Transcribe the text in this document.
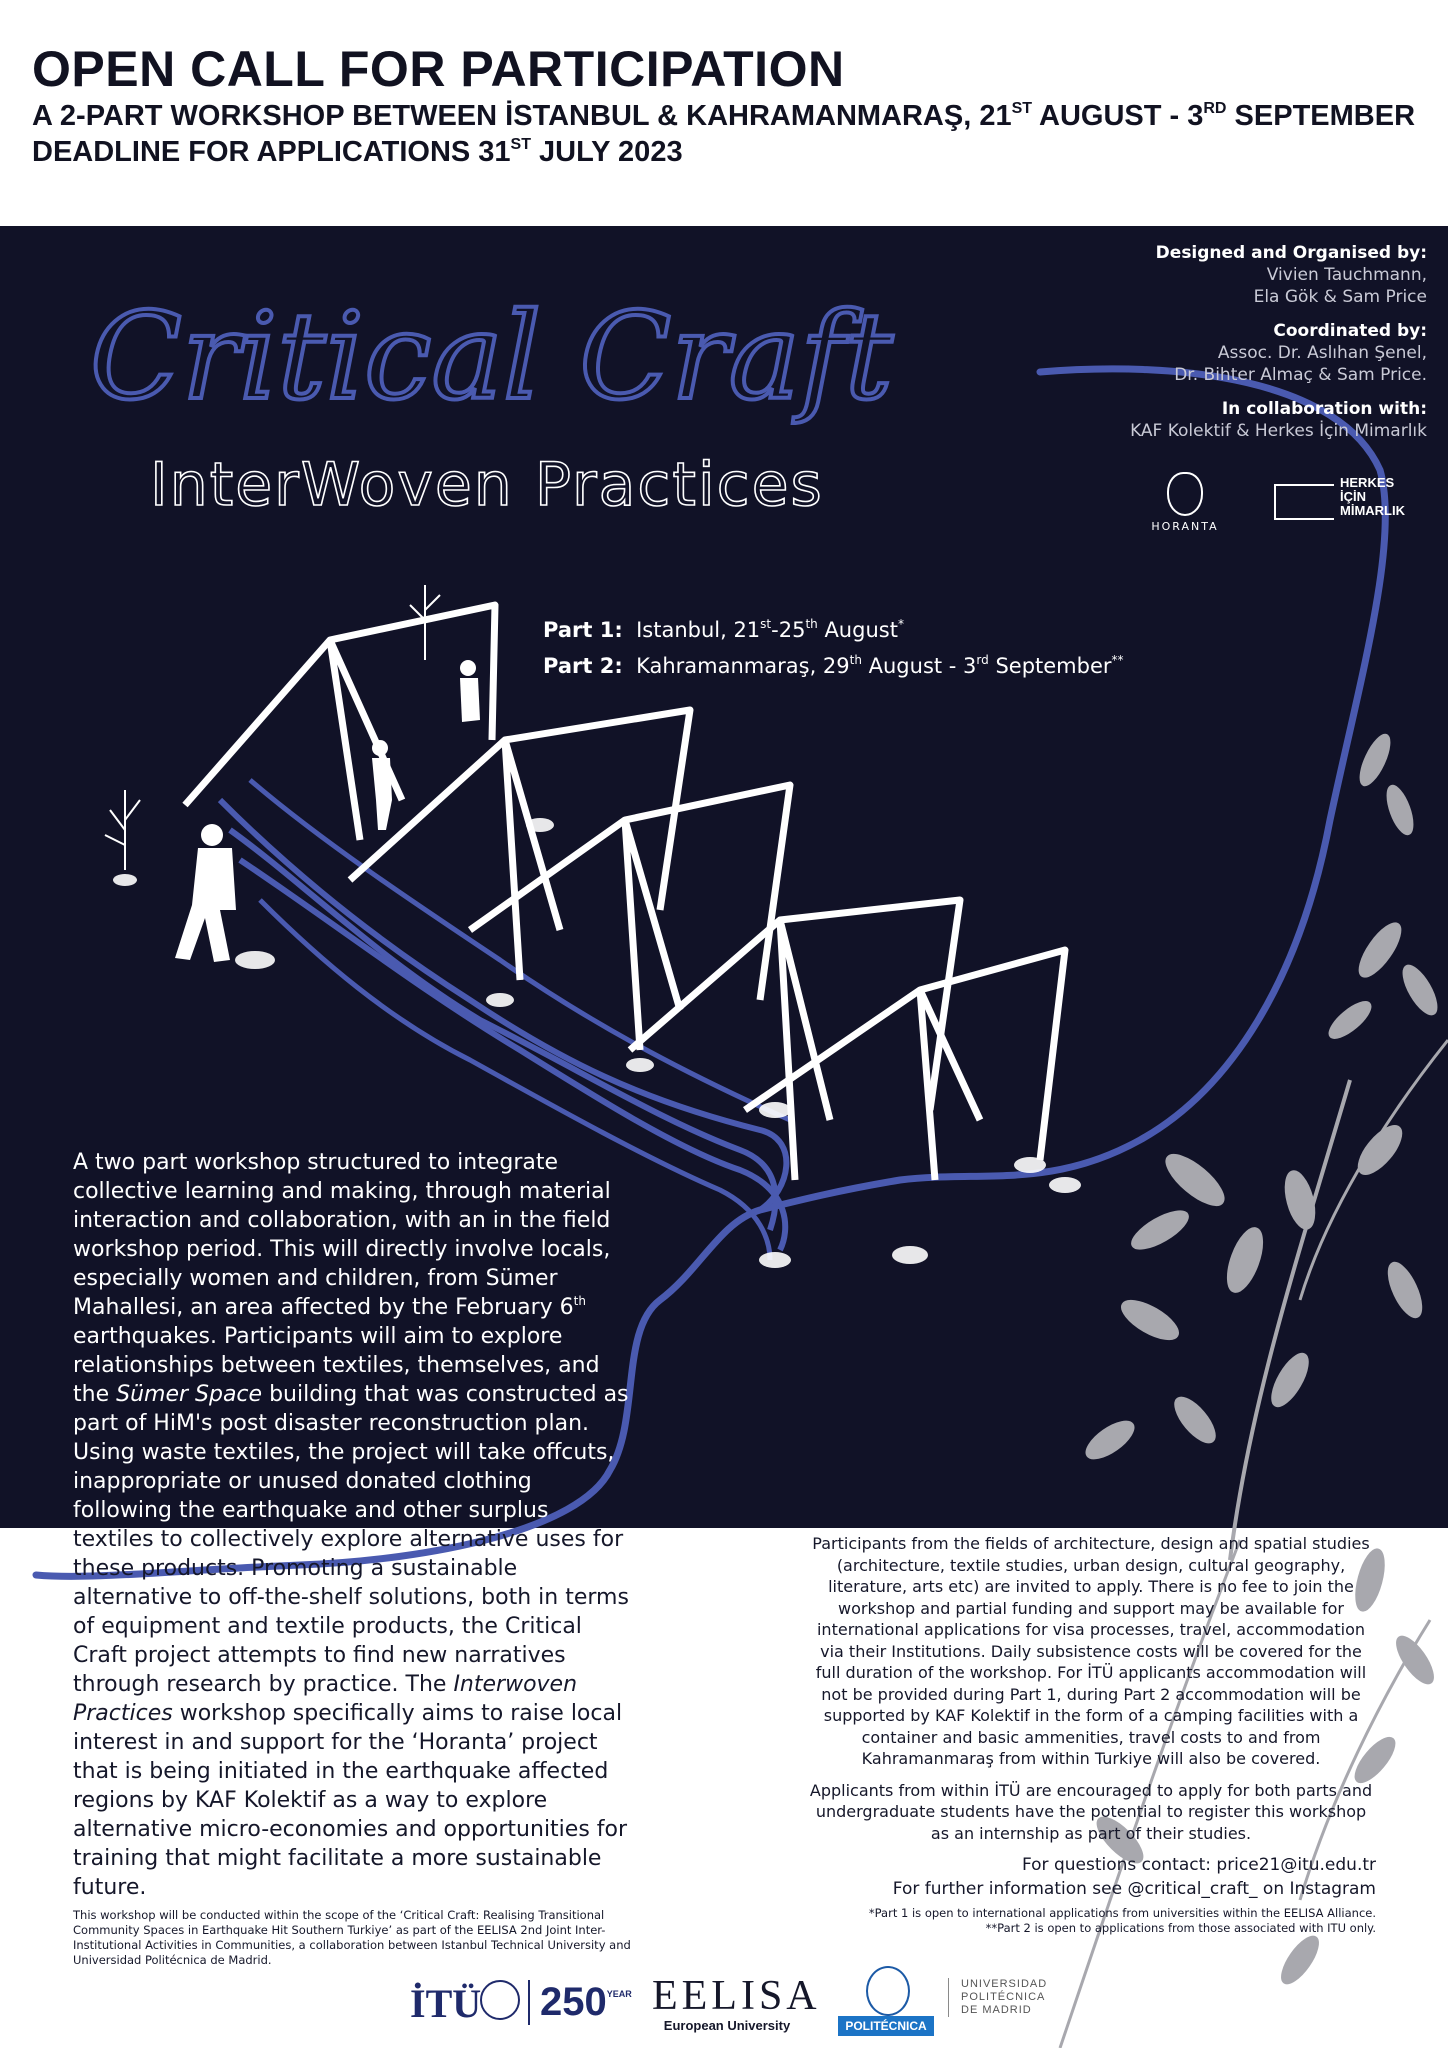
OPEN CALL FOR PARTICIPATION
A 2-PART WORKSHOP BETWEEN İSTANBUL & KAHRAMANMARAŞ, 21ST AUGUST - 3RD SEPTEMBER
DEADLINE FOR APPLICATIONS 31ST JULY 2023
Critical Craft
InterWoven Practices
Designed and Organised by:
Vivien Tauchmann,
Ela Gök & Sam Price
Coordinated by:
Assoc. Dr. Aslıhan Şenel,
Dr. Bihter Almaç & Sam Price.
In collaboration with:
KAF Kolektif & Herkes İçin Mimarlık
HORANTA
HERKES
İÇİN
MİMARLIK
Part 1: Istanbul, 21st-25th August*
Part 2: Kahramanmaraş, 29th August - 3rd September**
A two part workshop structured to integrate collective learning and making, through material interaction and collaboration, with an in the field workshop period. This will directly involve locals, especially women and children, from Sümer Mahallesi, an area affected by the February 6th earthquakes. Participants will aim to explore relationships between textiles, themselves, and the Sümer Space building that was constructed as part of HiM's post disaster reconstruction plan. Using waste textiles, the project will take offcuts, inappropriate or unused donated clothing following the earthquake and other surplus textiles to collectively explore alternative uses for these products. Promoting a sustainable alternative to off-the-shelf solutions, both in terms of equipment and textile products, the Critical Craft project attempts to find new narratives through research by practice. The Interwoven Practices workshop specifically aims to raise local interest in and support for the ‘Horanta’ project that is being initiated in the earthquake affected regions by KAF Kolektif as a way to explore alternative micro-economies and opportunities for training that might facilitate a more sustainable future.
This workshop will be conducted within the scope of the ‘Critical Craft: Realising Transitional Community Spaces in Earthquake Hit Southern Turkiye’ as part of the EELISA 2nd Joint Inter-Institutional Activities in Communities, a collaboration between Istanbul Technical University and Universidad Politécnica de Madrid.

Participants from the fields of architecture, design and spatial studies (architecture, textile studies, urban design, cultural geography, literature, arts etc) are invited to apply. There is no fee to join the workshop and partial funding and support may be available for international applications for visa processes, travel, accommodation via their Institutions. Daily subsistence costs will be covered for the full duration of the workshop. For İTÜ applicants accommodation will not be provided during Part 1, during Part 2 accommodation will be supported by KAF Kolektif in the form of a camping facilities with a container and basic ammenities, travel costs to and from Kahramanmaraş from within Turkiye will also be covered.

Applicants from within İTÜ are encouraged to apply for both parts and undergraduate students have the potential to register this workshop as an internship as part of their studies.

For questions contact: price21@itu.edu.tr
For further information see @critical_craft_ on Instagram
*Part 1 is open to international applications from universities within the EELISA Alliance.
**Part 2 is open to applications from those associated with ITU only.
İTÜ	$250^{YEAR}$ EELISA
European University	POLITÉCNICA
UNIVERSIDAD
POLITÉCNICA
DE MADRID
